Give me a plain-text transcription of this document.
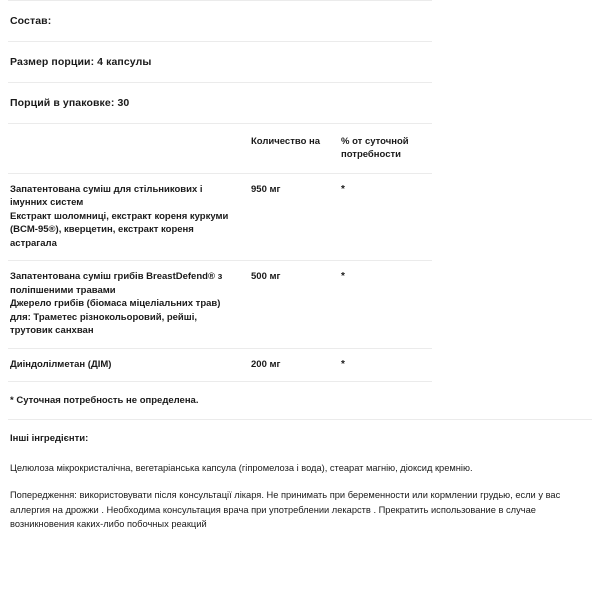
Состав:
Размер порции: 4 капсулы
Порций в упаковке: 30
	Количество на	% от суточной потребности

Запатентована суміш для стільникових і імунних систем
Екстракт шоломниці, екстракт кореня куркуми (BCM-95®), кверцетин, екстракт кореня астрагала	950 мг	*

Запатентована суміш грибів BreastDefend® з поліпшеними травами
Джерело грибів (біомаса міцеліальних трав) для: Траметес різнокольоровий, рейші, трутовик санхван	500 мг	*

Диіндолілметан (ДІМ)	200 мг	*
* Суточная потребность не определена.

Інші інгредієнти:

Целюлоза мікрокристалічна, вегетаріанська капсула (гіпромелоза і вода), стеарат магнію, діоксид кремнію.

Попередження: використовувати після консультації лікаря. Не принимать при беременности или кормлении грудью, если у вас аллергия на дрожжи . Необходима консультация врача при употреблении лекарств . Прекратить использование в случае возникновения каких-либо побочных реакций
